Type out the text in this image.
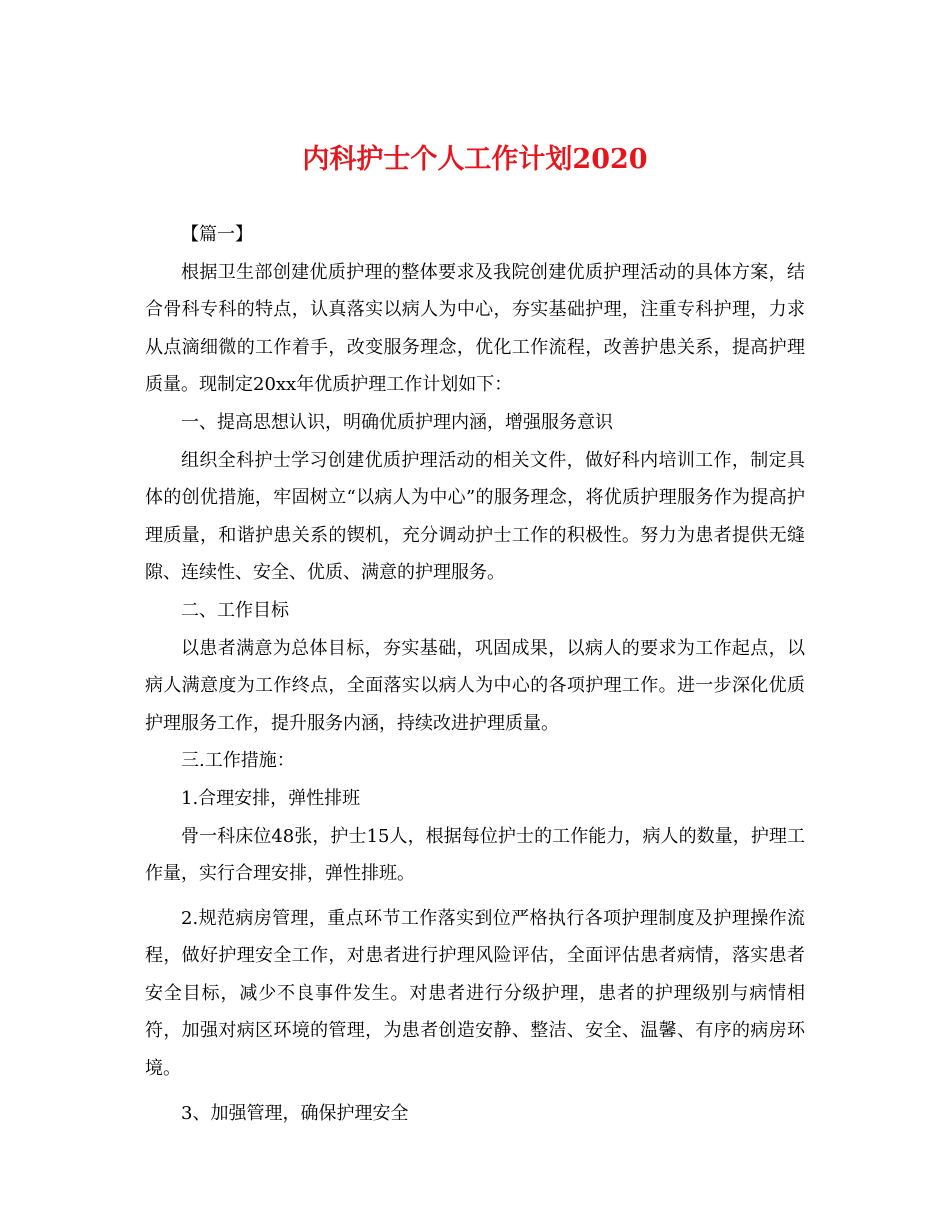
内科护士个人工作计划2020

【篇一】

根据卫生部创建优质护理的整体要求及我院创建优质护理活动的具体方案，结合骨科专科的特点，认真落实以病人为中心，夯实基础护理，注重专科护理，力求从点滴细微的工作着手，改变服务理念，优化工作流程，改善护患关系，提高护理质量。现制定20xx年优质护理工作计划如下：

一、提高思想认识，明确优质护理内涵，增强服务意识

组织全科护士学习创建优质护理活动的相关文件，做好科内培训工作，制定具体的创优措施，牢固树立“以病人为中心”的服务理念，将优质护理服务作为提高护理质量，和谐护患关系的锲机，充分调动护士工作的积极性。努力为患者提供无缝隙、连续性、安全、优质、满意的护理服务。

二、工作目标

以患者满意为总体目标，夯实基础，巩固成果，以病人的要求为工作起点，以病人满意度为工作终点，全面落实以病人为中心的各项护理工作。进一步深化优质护理服务工作，提升服务内涵，持续改进护理质量。

三.工作措施：

1.合理安排，弹性排班

骨一科床位48张，护士15人，根据每位护士的工作能力，病人的数量，护理工作量，实行合理安排，弹性排班。

2.规范病房管理，重点环节工作落实到位严格执行各项护理制度及护理操作流程，做好护理安全工作，对患者进行护理风险评估，全面评估患者病情，落实患者安全目标，减少不良事件发生。对患者进行分级护理，患者的护理级别与病情相符，加强对病区环境的管理，为患者创造安静、整洁、安全、温馨、有序的病房环境。

3、加强管理，确保护理安全
